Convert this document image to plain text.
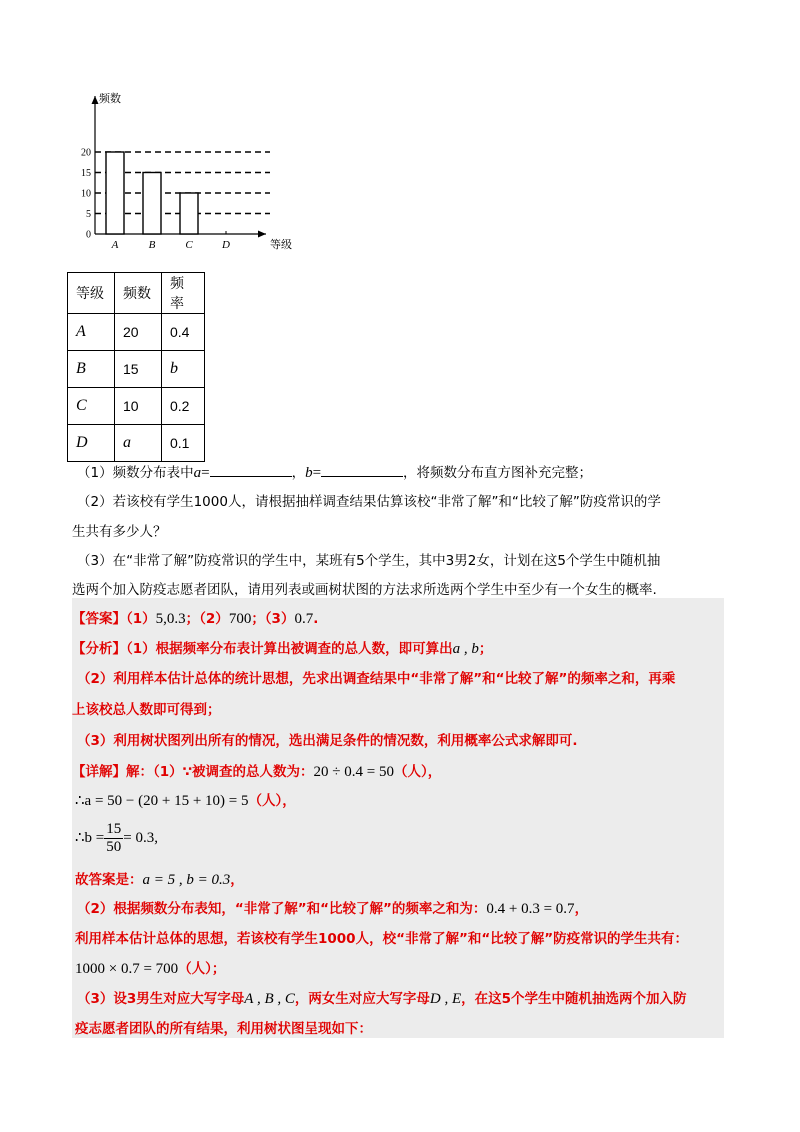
频数
等级
0
5
10
15
20
A	B	C	D
等级	频数	频率
A	20	0.4
B	15	b
C	10	0.2
D	a	0.1
（1）频数分布表中a=	，b=	，将频数分布直方图补充完整；
（2）若该校有学生1000人，请根据抽样调查结果估算该校“非常了解”和“比较了解”防疫常识的学
生共有多少人？
（3）在“非常了解”防疫常识的学生中，某班有5个学生，其中3男2女，计划在这5个学生中随机抽
选两个加入防疫志愿者团队，请用列表或画树状图的方法求所选两个学生中至少有一个女生的概率.
【答案】（1）5,0.3；（2）700；（3）0.7.
【分析】（1）根据频率分布表计算出被调查的总人数，即可算出a , b；
（2）利用样本估计总体的统计思想，先求出调查结果中“非常了解”和“比较了解”的频率之和，再乘
上该校总人数即可得到；
（3）利用树状图列出所有的情况，选出满足条件的情况数，利用概率公式求解即可.
【详解】解：（1）∵被调查的总人数为：20 ÷ 0.4 = 50（人），
∴a = 50 − (20 + 15 + 10) = 5（人），
∴b = $\frac{15}{50} = 0.3$,
故答案是：a = 5 , b = 0.3，
（2）根据频数分布表知，“非常了解”和“比较了解”的频率之和为：0.4 + 0.3 = 0.7，
利用样本估计总体的思想，若该校有学生1000人，校“非常了解”和“比较了解”防疫常识的学生共有：
1000 × 0.7 = 700（人）；
（3）设3男生对应大写字母A , B , C，两女生对应大写字母D , E，在这5个学生中随机抽选两个加入防
疫志愿者团队的所有结果，利用树状图呈现如下：
